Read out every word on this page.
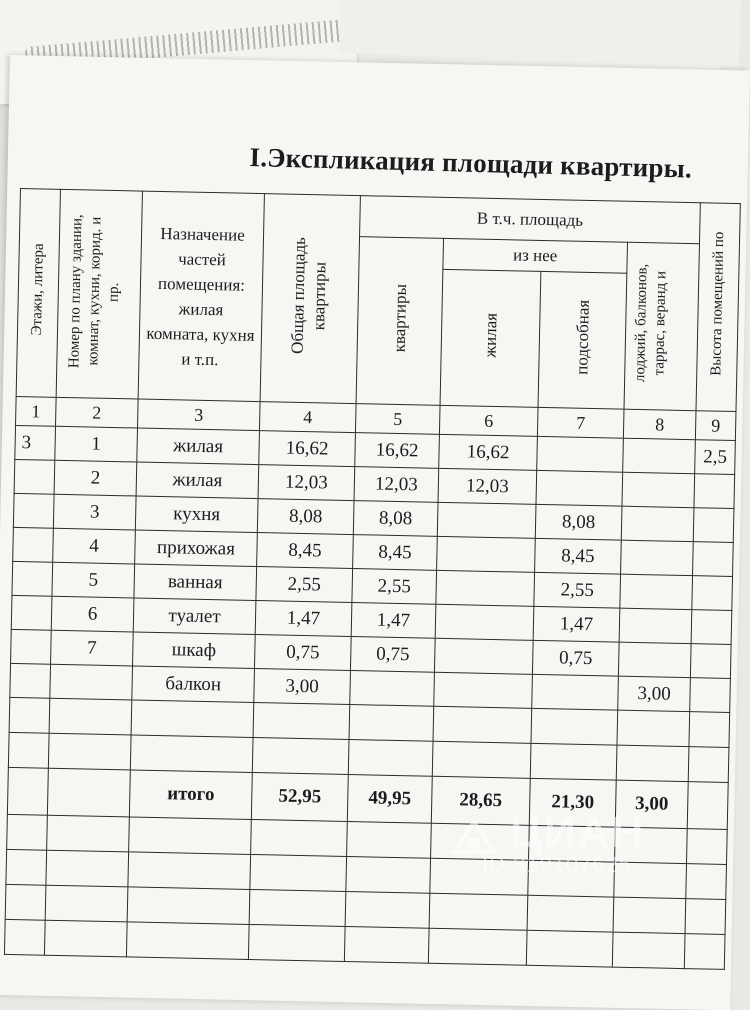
I.Экспликация площади квартиры.
Этажи, литера	Номер по плану здании, комнат, кухни, корид. и пр.	Назначение частей помещения: жилая комната, кухня и т.п.	Общая площадь квартиры	В т.ч. площадь				Высота помещений по
				квартиры	из нее		лоджий, балконов, таррас, веранд и	
					жилая	подсобная		
1	2	3	4	5	6	7	8	9
3	1	жилая	16,62	16,62	16,62			2,5
	2	жилая	12,03	12,03	12,03			
	3	кухня	8,08	8,08		8,08		
	4	прихожая	8,45	8,45		8,45		
	5	ванная	2,55	2,55		2,55		
	6	туалет	1,47	1,47		1,47		
	7	шкаф	0,75	0,75		0,75		
		балкон	3,00				3,00	

		итого	52,95	49,95	28,65	21,30	3,00	

ЦИАН
ID 319107625
